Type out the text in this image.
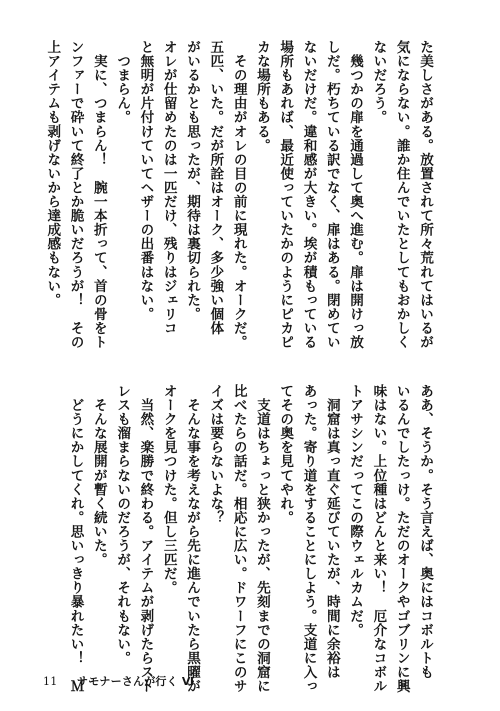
た美しさがある。放置されて所々荒れてはいるが
気にならない。誰か住んでいたとしてもおかしく
ないだろう。
　幾つかの扉を通過して奥へ進む。扉は開けっ放
しだ。朽ちている訳でなく、扉はある。閉めてい
ないだけだ。違和感が大きい。埃が積もっている
場所もあれば、最近使っていたかのようにピカピ
カな場所もある。
　その理由がオレの目の前に現れた。オークだ。
五匹、いた。だが所詮はオーク、多少強い個体
がいるかとも思ったが、期待は裏切られた。
オレが仕留めたのは一匹だけ、残りはジェリコ
と無明が片付けていてヘザーの出番はない。
　つまらん。
　実に、つまらん！　腕一本折って、首の骨をト
ンファーで砕いて終了とか脆いだろうが！　その
上アイテムも剥げないから達成感もない。
ああ、そうか。そう言えば、奥にはコボルトも
いるんでしたっけ。ただのオークやゴブリンに興
味はない。上位種はどんと来い！　厄介なコボル
トアサシンだってこの際ウェルカムだ。
　洞窟は真っ直ぐ延びていたが、時間に余裕は
あった。寄り道をすることにしよう。支道に入っ
てその奥を見てやれ。
　支道はちょっと狭かったが、先刻までの洞窟に
比べたらの話だ。相応に広い。ドワーフにこのサ
イズは要らないよな？
　そんな事を考えながら先に進んでいたら黒曜が
オークを見つけた。但し三匹だ。
　当然、楽勝で終わる。アイテムが剥げたらスト
レスも溜まらないのだろうが、それもない。
　そんな展開が暫く続いた。
　どうにかしてくれ。思いっきり暴れたい！　Ｍ
11 サモナーさんが行く Ⅵ
